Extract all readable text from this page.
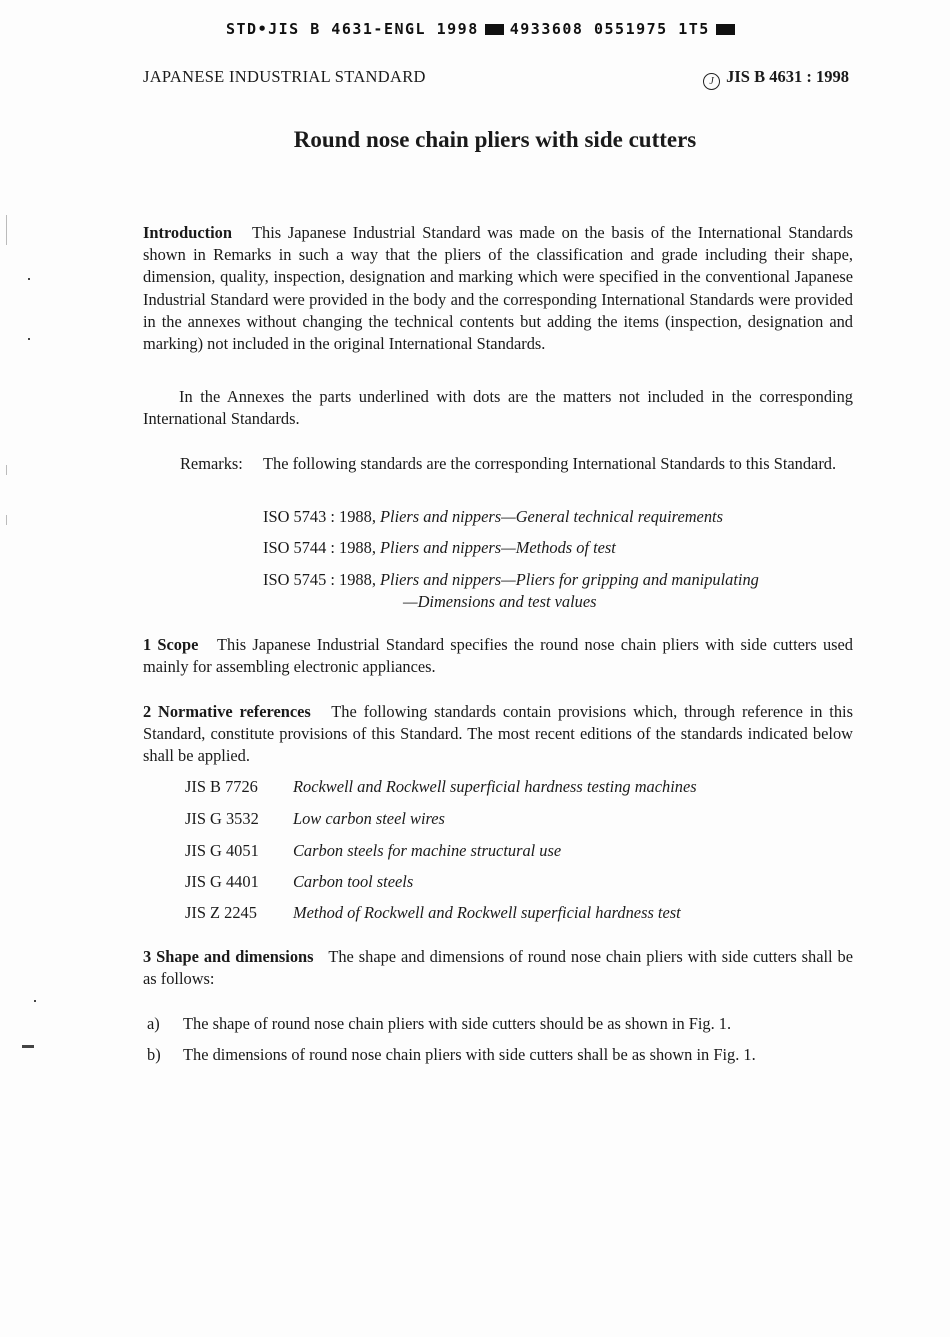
STD•JIS B 4631-ENGL 1998 4933608 0551975 1T5
JAPANESE INDUSTRIAL STANDARD	J JIS B 4631 : 1998
Round nose chain pliers with side cutters

Introduction This Japanese Industrial Standard was made on the basis of the International Standards shown in Remarks in such a way that the pliers of the classification and grade including their shape, dimension, quality, inspection, designation and marking which were specified in the conventional Japanese Industrial Standard were provided in the body and the corresponding International Standards were provided in the annexes without changing the technical contents but adding the items (inspection, designation and marking) not included in the original International Standards.

In the Annexes the parts underlined with dots are the matters not included in the corresponding International Standards.

Remarks: The following standards are the corresponding International Standards to this Standard.
ISO 5743 : 1988, Pliers and nippers—General technical requirements
ISO 5744 : 1988, Pliers and nippers—Methods of test
ISO 5745 : 1988, Pliers and nippers—Pliers for gripping and manipulating
—Dimensions and test values

1 Scope This Japanese Industrial Standard specifies the round nose chain pliers with side cutters used mainly for assembling electronic appliances.

2 Normative references The following standards contain provisions which, through reference in this Standard, constitute provisions of this Standard. The most recent editions of the standards indicated below shall be applied.

JIS B 7726 Rockwell and Rockwell superficial hardness testing machines
JIS G 3532 Low carbon steel wires
JIS G 4051 Carbon steels for machine structural use
JIS G 4401 Carbon tool steels
JIS Z 2245 Method of Rockwell and Rockwell superficial hardness test

3 Shape and dimensions The shape and dimensions of round nose chain pliers with side cutters shall be as follows:

a) The shape of round nose chain pliers with side cutters should be as shown in Fig. 1.
b) The dimensions of round nose chain pliers with side cutters shall be as shown in Fig. 1.
